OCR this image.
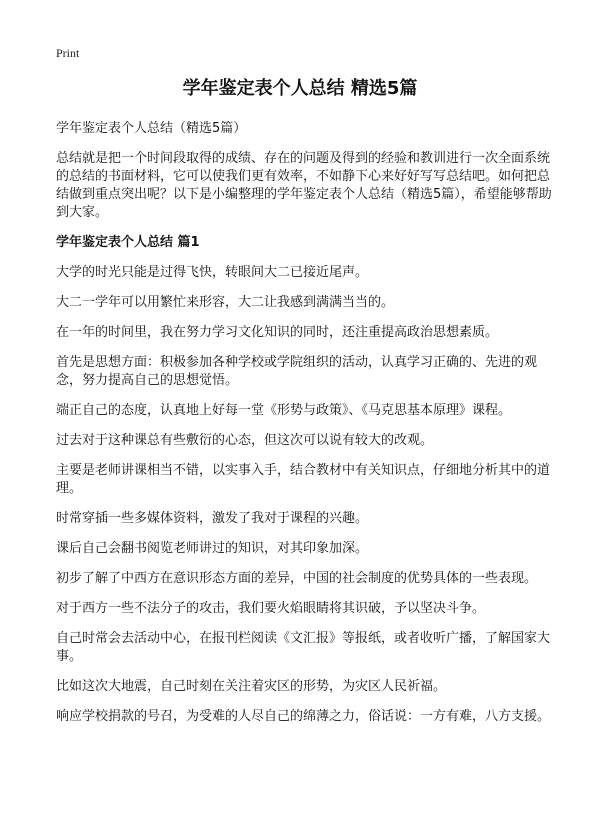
Print
学年鉴定表个人总结 精选5篇
学年鉴定表个人总结（精选5篇）

总结就是把一个时间段取得的成绩、存在的问题及得到的经验和教训进行一次全面系统的总结的书面材料，它可以使我们更有效率，不如静下心来好好写写总结吧。如何把总结做到重点突出呢？以下是小编整理的学年鉴定表个人总结（精选5篇），希望能够帮助到大家。

学年鉴定表个人总结 篇1
大学的时光只能是过得飞快，转眼间大二已接近尾声。
大二一学年可以用繁忙来形容，大二让我感到满满当当的。
在一年的时间里，我在努力学习文化知识的同时，还注重提高政治思想素质。
首先是思想方面：积极参加各种学校或学院组织的活动，认真学习正确的、先进的观念，努力提高自己的思想觉悟。
端正自己的态度，认真地上好每一堂《形势与政策》、《马克思基本原理》课程。
过去对于这种课总有些敷衍的心态，但这次可以说有较大的改观。
主要是老师讲课相当不错，以实事入手，结合教材中有关知识点，仔细地分析其中的道理。
时常穿插一些多媒体资料，激发了我对于课程的兴趣。
课后自己会翻书阅览老师讲过的知识，对其印象加深。
初步了解了中西方在意识形态方面的差异，中国的社会制度的优势具体的一些表现。
对于西方一些不法分子的攻击，我们要火焰眼睛将其识破，予以坚决斗争。
自己时常会去活动中心，在报刊栏阅读《文汇报》等报纸，或者收听广播，了解国家大事。
比如这次大地震，自己时刻在关注着灾区的形势，为灾区人民祈福。
响应学校捐款的号召，为受难的人尽自己的绵薄之力，俗话说：一方有难，八方支援。
